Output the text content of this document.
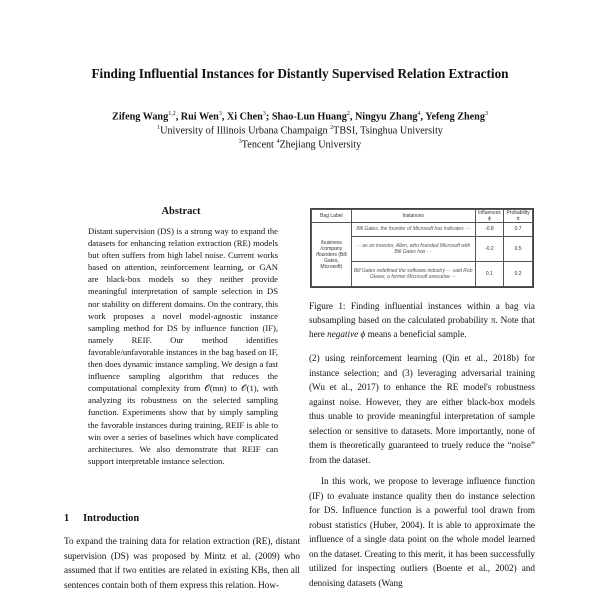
Finding Influential Instances for Distantly Supervised Relation Extraction
Zifeng Wang$^{1,2}$, Rui Wen$^3$, Xi Chen$^3$; Shao-Lun Huang$^2$, Ningyu Zhang$^4$, Yefeng Zheng$^3$
$^1$University of Illinois Urbana Champaign $^2$TBSI, Tsinghua University
$^3$Tencent $^4$Zhejiang University
Abstract
Distant supervision (DS) is a strong way to expand the datasets for enhancing relation extraction (RE) models but often suffers from high label noise. Current works based on attention, reinforcement learning, or GAN are black-box models so they neither provide meaningful interpretation of sample selection in DS nor stability on different domains. On the contrary, this work proposes a novel model-agnostic instance sampling method for DS by influence function (IF), namely REIF. Our method identifies favorable/unfavorable instances in the bag based on IF, then does dynamic instance sampling. We design a fast influence sampling algorithm that reduces the computational complexity from 𝒪(mn) to 𝒪(1), with analyzing its robustness on the selected sampling function. Experiments show that by simply sampling the favorable instances during training, REIF is able to win over a series of baselines which have complicated architectures. We also demonstrate that REIF can support interpretable instance selection.
1 Introduction
To expand the training data for relation extraction (RE), distant supervision (DS) was proposed by Mintz et al. (2009) who assumed that if two entities are related in existing KBs, then all sentences contain both of them express this relation. How-
Bag Label	Instances	Influences ϕ	Probability π
/business /company /founders (Bill Gates, Microsoft)	Bill Gates, the founder of Microsoft has indicates ···	-0.8	0.7
	··· as an investor, Allen, who founded Microsoft with Bill Gates has ···	-0.2	0.5
	Bill Gates redefined the software industry ··· said Rob Glaser, a former Microsoft executive ···	0.1	0.2
Figure 1: Finding influential instances within a bag via subsampling based on the calculated probability π. Note that here negative ϕ means a beneficial sample.

(2) using reinforcement learning (Qin et al., 2018b) for instance selection; and (3) leveraging adversarial training (Wu et al., 2017) to enhance the RE model's robustness against noise. However, they are either black-box models thus unable to provide meaningful interpretation of sample selection or sensitive to datasets. More importantly, none of them is theoretically guaranteed to truely reduce the “noise” from the dataset.

In this work, we propose to leverage influence function (IF) to evaluate instance quality then do instance selection for DS. Influence function is a powerful tool drawn from robust statistics (Huber, 2004). It is able to approximate the influence of a single data point on the whole model learned on the dataset. Creating to this merit, it has been successfully utilized for inspecting outliers (Boente et al., 2002) and denoising datasets (Wang
